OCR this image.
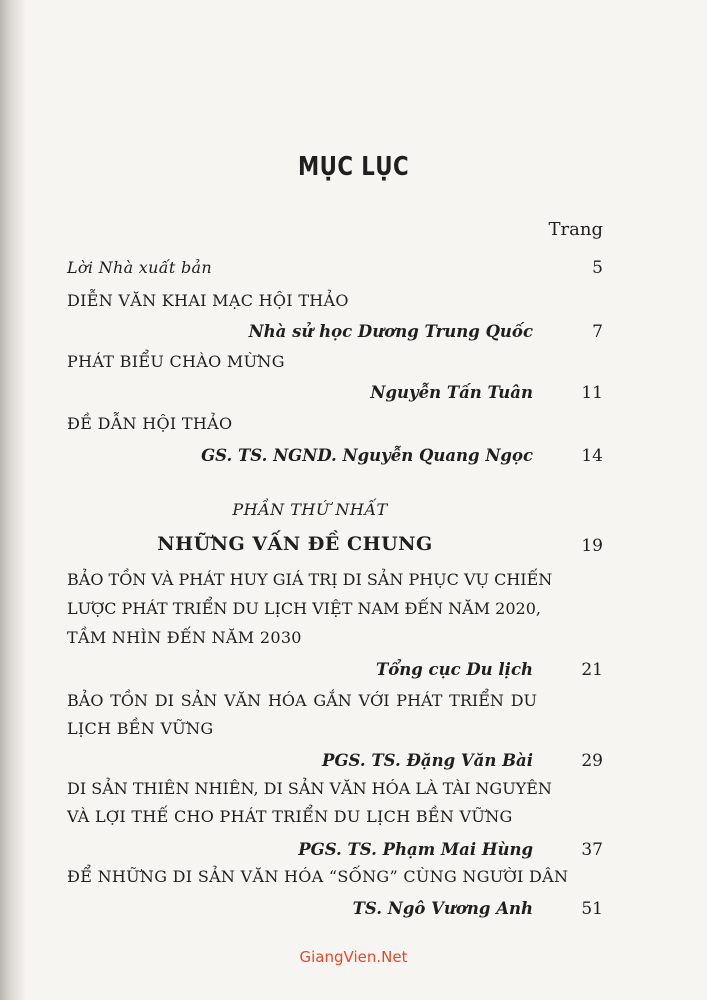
MỤC LỤC
Trang
Lời Nhà xuất bản	5
DIỄN VĂN KHAI MẠC HỘI THẢO
Nhà sử học Dương Trung Quốc	7
PHÁT BIỂU CHÀO MỪNG
Nguyễn Tấn Tuân	11
ĐỀ DẪN HỘI THẢO
GS. TS. NGND. Nguyễn Quang Ngọc	14
PHẦN THỨ NHẤT
NHỮNG VẤN ĐỀ CHUNG	19
BẢO TỒN VÀ PHÁT HUY GIÁ TRỊ DI SẢN PHỤC VỤ CHIẾN
LƯỢC PHÁT TRIỂN DU LỊCH VIỆT NAM ĐẾN NĂM 2020,
TẦM NHÌN ĐẾN NĂM 2030
Tổng cục Du lịch	21
BẢO TỒN DI SẢN VĂN HÓA GẮN VỚI PHÁT TRIỂN DU
LỊCH BỀN VỮNG
PGS. TS. Đặng Văn Bài	29
DI SẢN THIÊN NHIÊN, DI SẢN VĂN HÓA LÀ TÀI NGUYÊN
VÀ LỢI THẾ CHO PHÁT TRIỂN DU LỊCH BỀN VỮNG
PGS. TS. Phạm Mai Hùng	37
ĐỂ NHỮNG DI SẢN VĂN HÓA “SỐNG” CÙNG NGƯỜI DÂN
TS. Ngô Vương Anh	51
GiangVien.Net
